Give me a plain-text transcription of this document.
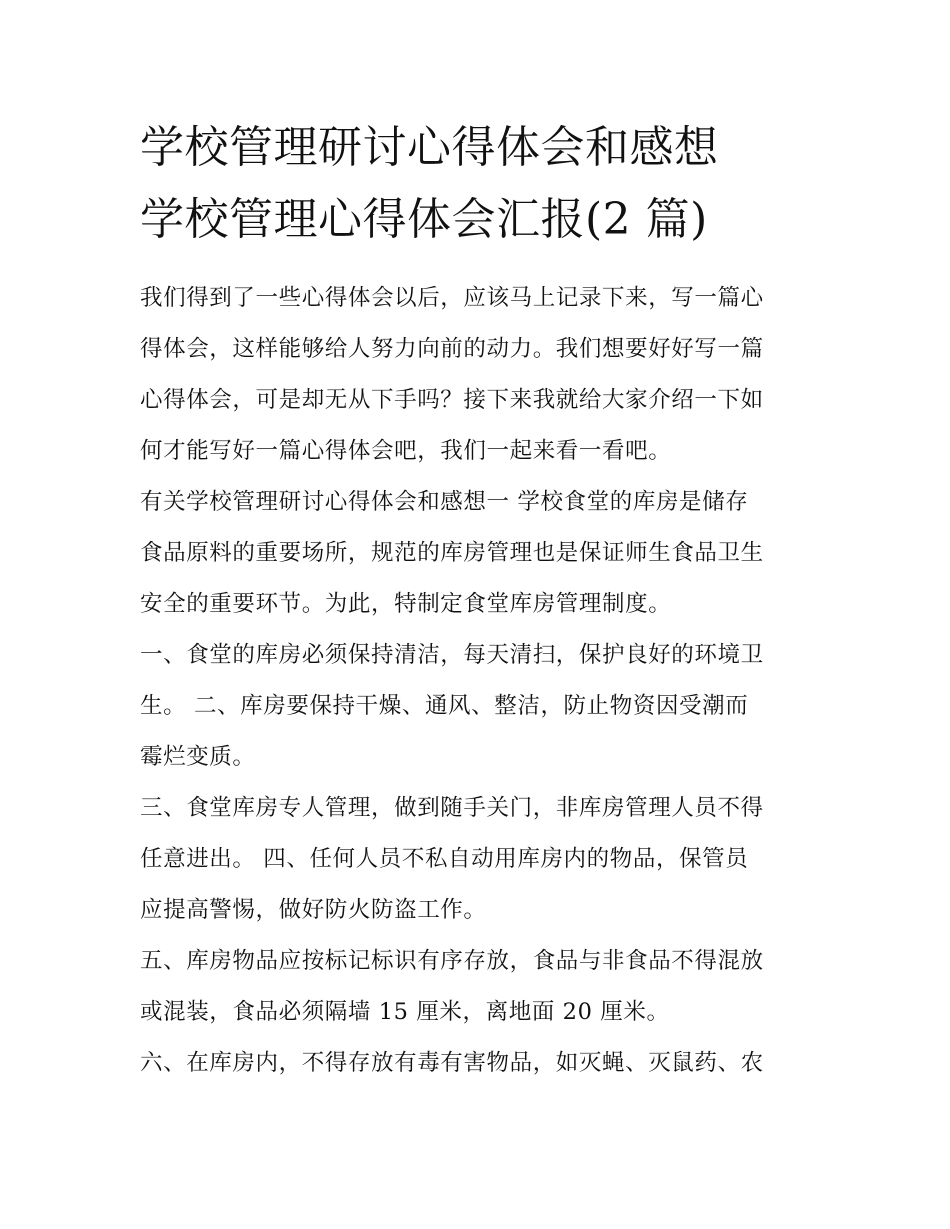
学校管理研讨心得体会和感想
学校管理心得体会汇报(2 篇)
我们得到了一些心得体会以后，应该马上记录下来，写一篇心
得体会，这样能够给人努力向前的动力。我们想要好好写一篇
心得体会，可是却无从下手吗？接下来我就给大家介绍一下如
何才能写好一篇心得体会吧，我们一起来看一看吧。
有关学校管理研讨心得体会和感想一 学校食堂的库房是储存
食品原料的重要场所，规范的库房管理也是保证师生食品卫生
安全的重要环节。为此，特制定食堂库房管理制度。
一、食堂的库房必须保持清洁，每天清扫，保护良好的环境卫
生。 二、库房要保持干燥、通风、整洁，防止物资因受潮而
霉烂变质。
三、食堂库房专人管理，做到随手关门，非库房管理人员不得
任意进出。 四、任何人员不私自动用库房内的物品，保管员
应提高警惕，做好防火防盗工作。
五、库房物品应按标记标识有序存放，食品与非食品不得混放
或混装，食品必须隔墙 15 厘米，离地面 20 厘米。
六、在库房内，不得存放有毒有害物品，如灭蝇、灭鼠药、农
